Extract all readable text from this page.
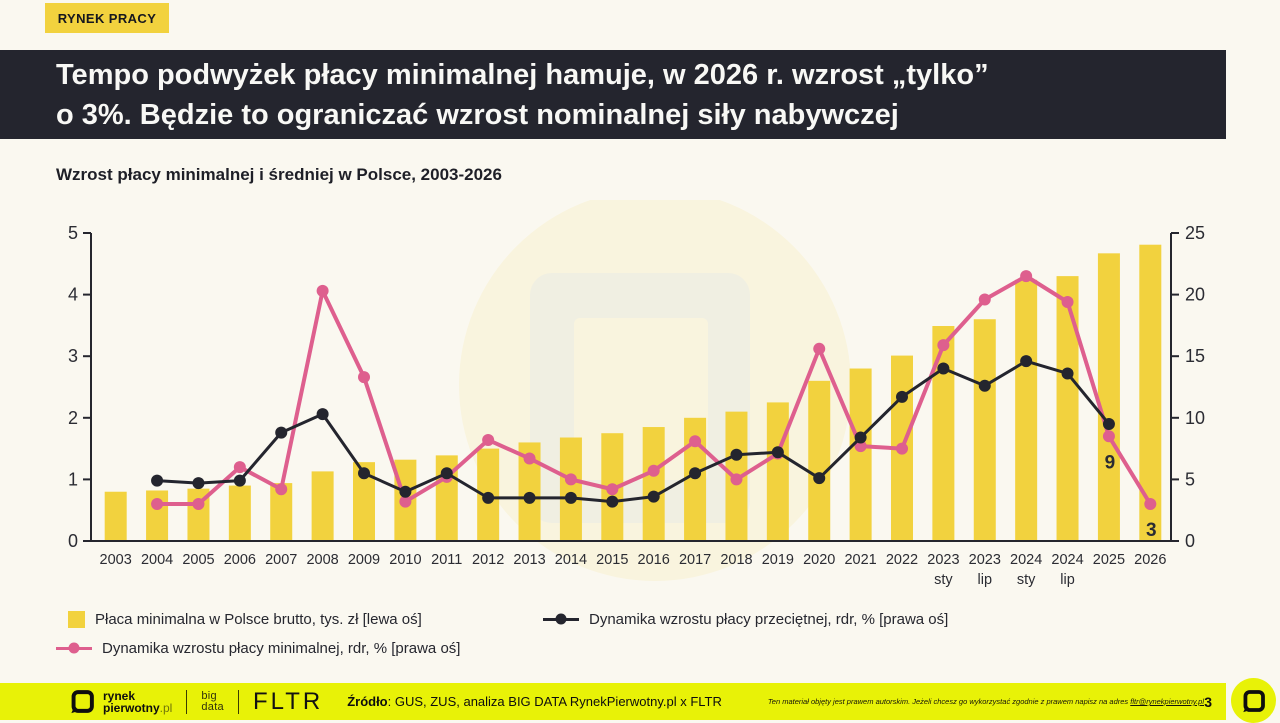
RYNEK PRACY
Tempo podwyżek płacy minimalnej hamuje, w 2026 r. wzrost „tylko”
o 3%. Będzie to ograniczać wzrost nominalnej siły nabywczej
Wzrost płacy minimalnej i średniej w Polsce, 2003-2026
0
1
2
3
4
5
0
5
10
15
20
25
2003 2004 2005 2006 2007 2008 2009 2010 2011 2012 2013 2014 2015 2016 2017 2018 2019 2020 2021 2022 2023
sty
2023
lip
2024
sty
2024
lip
2025 2026
9
3
Płaca minimalna w Polsce brutto, tys. zł [lewa oś]	Dynamika wzrostu płacy przeciętnej, rdr, % [prawa oś]
Dynamika wzrostu płacy minimalnej, rdr, % [prawa oś]
rynek
pierwotny.pl
big
data FLTR Źródło: GUS, ZUS, analiza BIG DATA RynekPierwotny.pl x FLTR	Ten materiał objęty jest prawem autorskim. Jeżeli chcesz go wykorzystać zgodnie z prawem napisz na adres fltr@rynekpierwotny.pl 3
